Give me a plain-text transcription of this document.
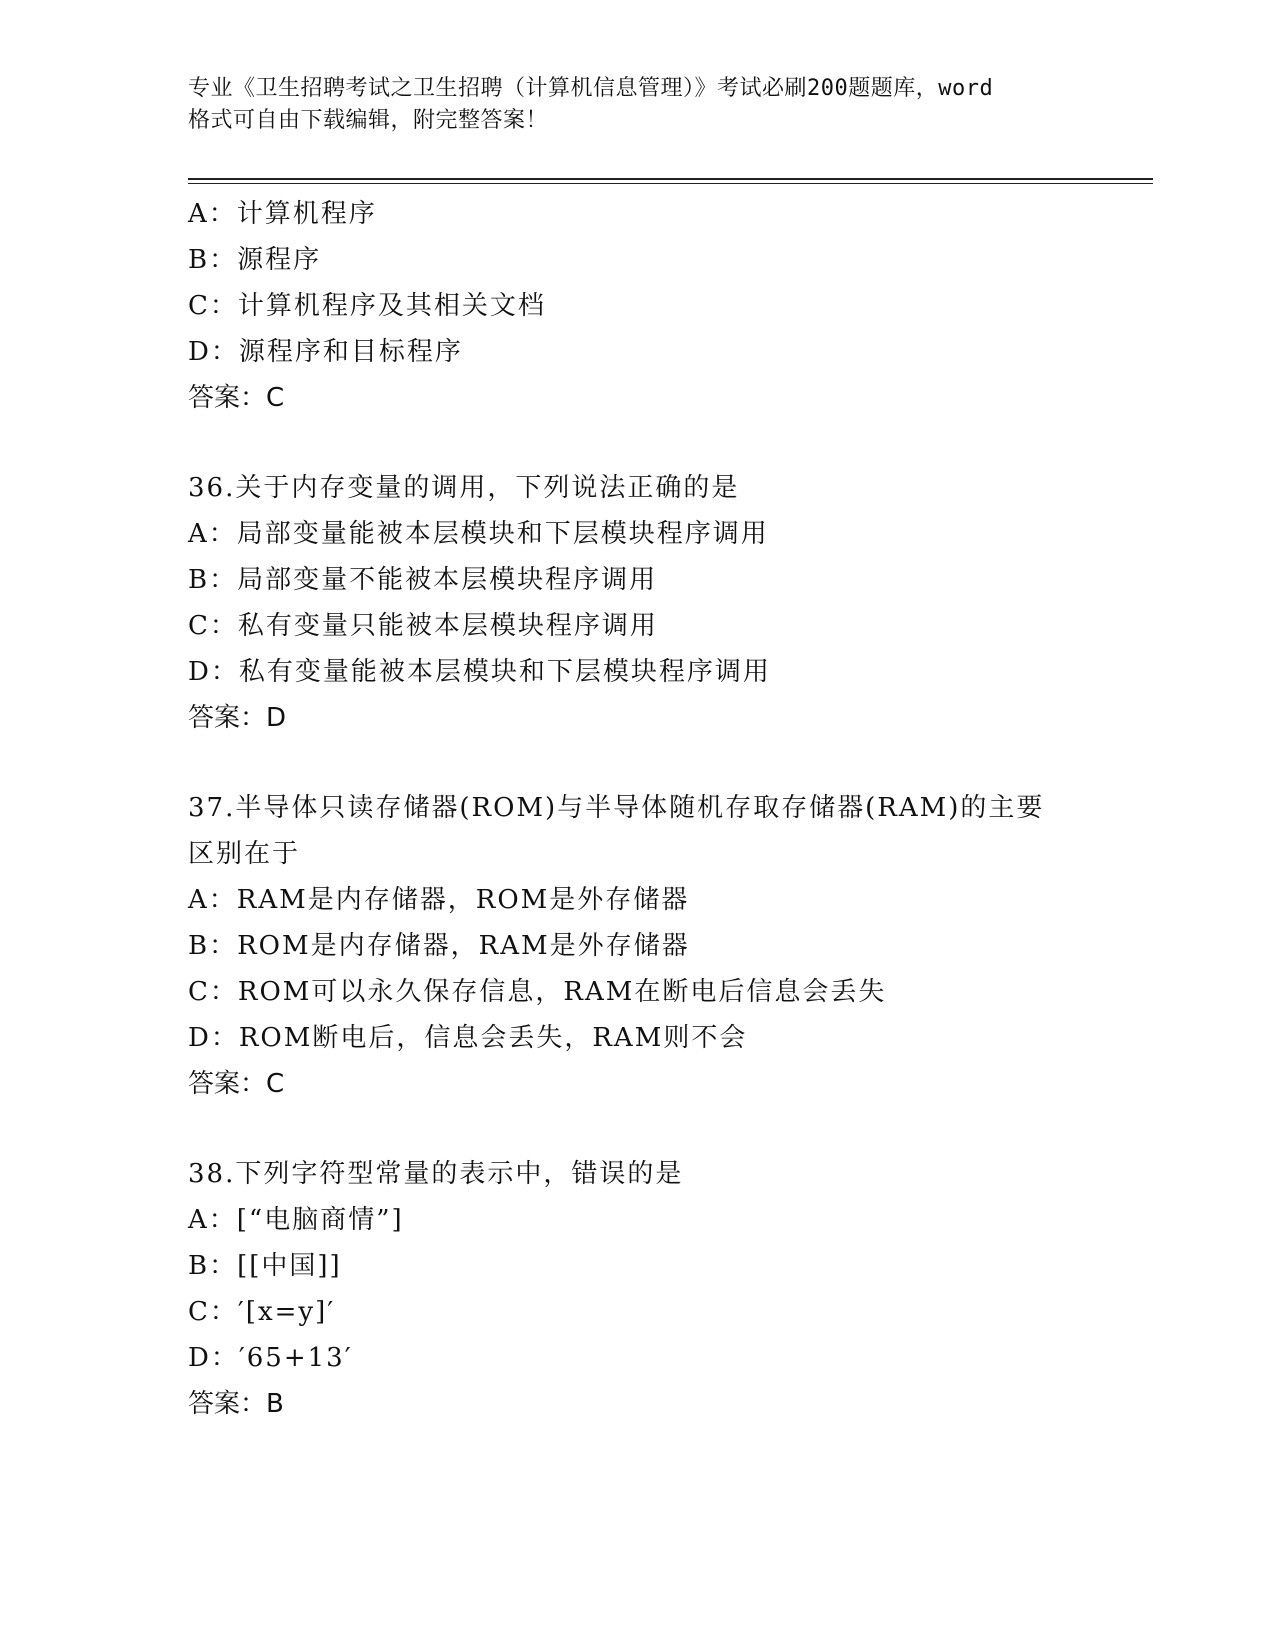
专业《卫生招聘考试之卫生招聘（计算机信息管理）》考试必刷200题题库，word
格式可自由下载编辑，附完整答案！
A：计算机程序
B：源程序
C：计算机程序及其相关文档
D：源程序和目标程序
答案：C
36.关于内存变量的调用，下列说法正确的是
A：局部变量能被本层模块和下层模块程序调用
B：局部变量不能被本层模块程序调用
C：私有变量只能被本层模块程序调用
D：私有变量能被本层模块和下层模块程序调用
答案：D
37.半导体只读存储器(ROM)与半导体随机存取存储器(RAM)的主要区别在于
A：RAM是内存储器，ROM是外存储器
B：ROM是内存储器，RAM是外存储器
C：ROM可以永久保存信息，RAM在断电后信息会丢失
D：ROM断电后，信息会丢失，RAM则不会
答案：C
38.下列字符型常量的表示中，错误的是
A：[“电脑商情”]
B：[[中国]]
C：′[x=y]′
D：′65+13′
答案：B
